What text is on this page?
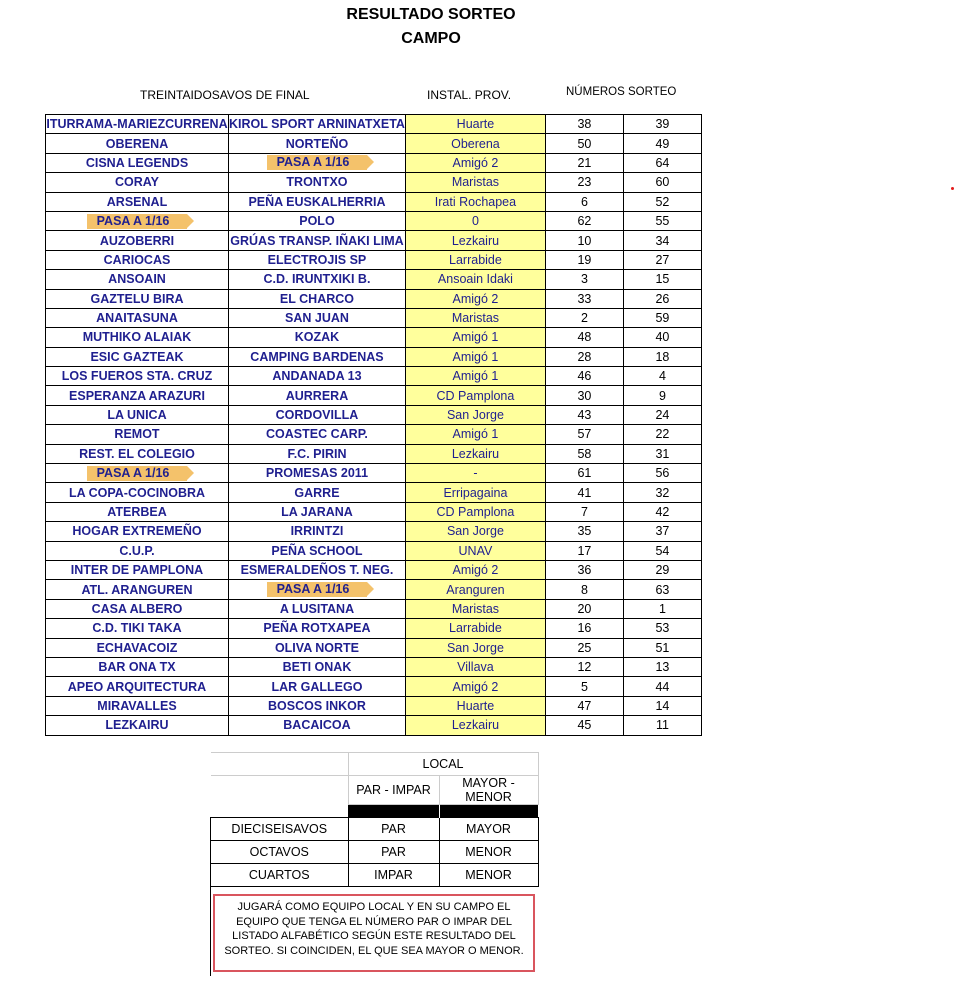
RESULTADO SORTEO
CAMPO
TREINTAIDOSAVOS DE FINAL	INSTAL. PROV.	NÚMEROS SORTEO
ITURRAMA-MARIEZCURRENA	KIROL SPORT ARNINATXETA	Huarte	38	39
OBERENA	NORTEÑO	Oberena	50	49
CISNA LEGENDS	PASA A 1/16	Amigó 2	21	64
CORAY	TRONTXO	Maristas	23	60
ARSENAL	PEÑA EUSKALHERRIA	Irati Rochapea	6	52
PASA A 1/16	POLO	0	62	55
AUZOBERRI	GRÚAS TRANSP. IÑAKI LIMA	Lezkairu	10	34
CARIOCAS	ELECTROJIS SP	Larrabide	19	27
ANSOAIN	C.D. IRUNTXIKI B.	Ansoain Idaki	3	15
GAZTELU BIRA	EL CHARCO	Amigó 2	33	26
ANAITASUNA	SAN JUAN	Maristas	2	59
MUTHIKO ALAIAK	KOZAK	Amigó 1	48	40
ESIC GAZTEAK	CAMPING BARDENAS	Amigó 1	28	18
LOS FUEROS STA. CRUZ	ANDANADA 13	Amigó 1	46	4
ESPERANZA ARAZURI	AURRERA	CD Pamplona	30	9
LA UNICA	CORDOVILLA	San Jorge	43	24
REMOT	COASTEC CARP.	Amigó 1	57	22
REST. EL COLEGIO	F.C. PIRIN	Lezkairu	58	31
PASA A 1/16	PROMESAS 2011	-	61	56
LA COPA-COCINOBRA	GARRE	Erripagaina	41	32
ATERBEA	LA JARANA	CD Pamplona	7	42
HOGAR EXTREMEÑO	IRRINTZI	San Jorge	35	37
C.U.P.	PEÑA SCHOOL	UNAV	17	54
INTER DE PAMPLONA	ESMERALDEÑOS T. NEG.	Amigó 2	36	29
ATL. ARANGUREN	PASA A 1/16	Aranguren	8	63
CASA ALBERO	A LUSITANA	Maristas	20	1
C.D. TIKI TAKA	PEÑA ROTXAPEA	Larrabide	16	53
ECHAVACOIZ	OLIVA NORTE	San Jorge	25	51
BAR ONA TX	BETI ONAK	Villava	12	13
APEO ARQUITECTURA	LAR GALLEGO	Amigó 2	5	44
MIRAVALLES	BOSCOS INKOR	Huarte	47	14
LEZKAIRU	BACAICOA	Lezkairu	45	11
	LOCAL	
	PAR - IMPAR	MAYOR - MENOR

DIECISEISAVOS	PAR	MAYOR
OCTAVOS	PAR	MENOR
CUARTOS	IMPAR	MENOR

JUGARÁ COMO EQUIPO LOCAL Y EN SU CAMPO EL EQUIPO QUE TENGA EL NÚMERO PAR O IMPAR DEL LISTADO ALFABÉTICO SEGÚN ESTE RESULTADO DEL SORTEO. SI COINCIDEN, EL QUE SEA MAYOR O MENOR.
